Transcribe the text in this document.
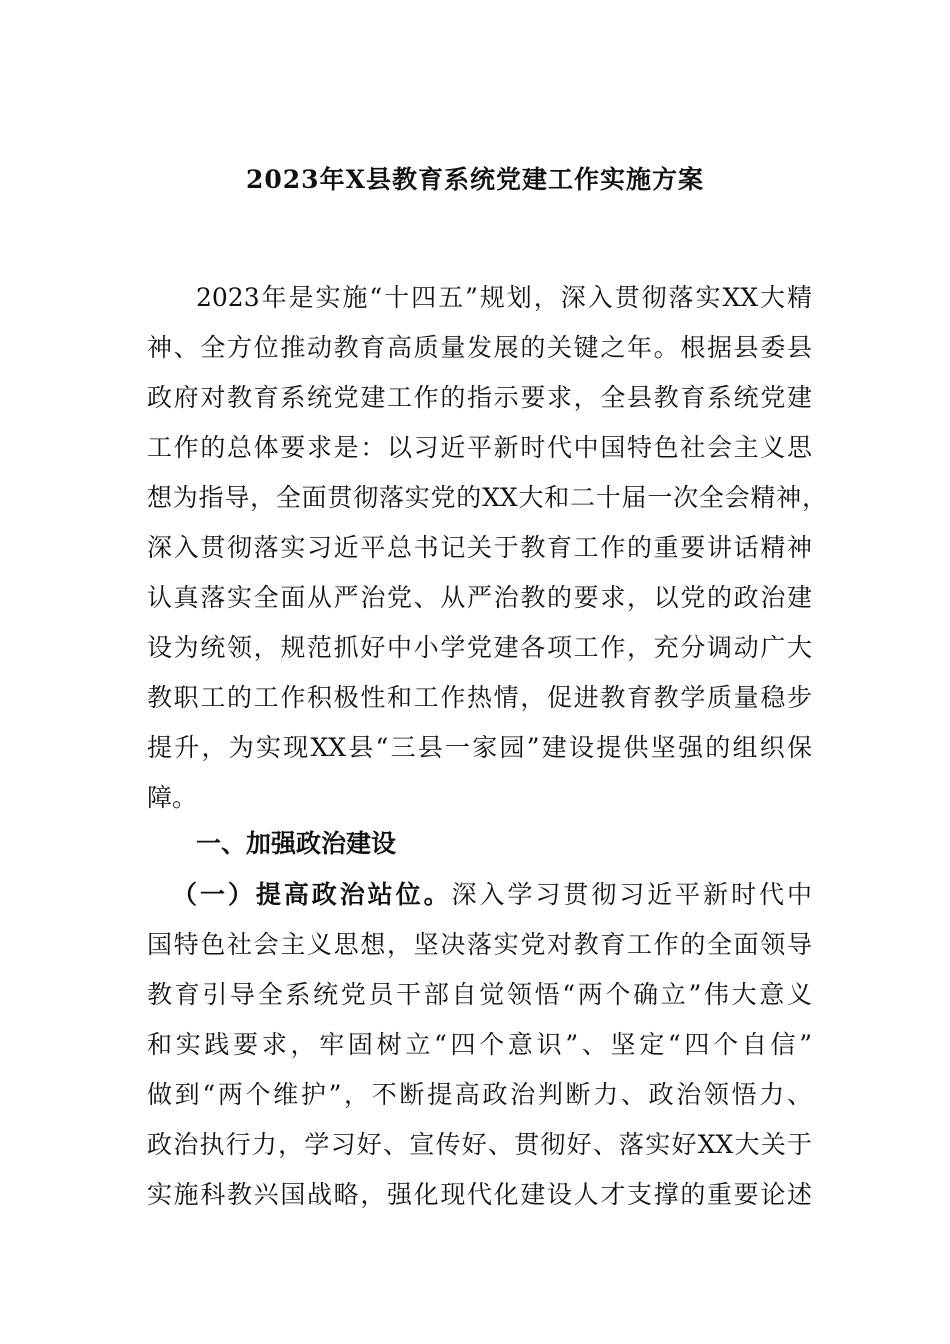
2023年X县教育系统党建工作实施方案
2023年是实施“十四五”规划，深入贯彻落实XX大精
神、全方位推动教育高质量发展的关键之年。根据县委县
政府对教育系统党建工作的指示要求，全县教育系统党建
工作的总体要求是：以习近平新时代中国特色社会主义思
想为指导，全面贯彻落实党的XX大和二十届一次全会精神，
深入贯彻落实习近平总书记关于教育工作的重要讲话精神
认真落实全面从严治党、从严治教的要求，以党的政治建
设为统领，规范抓好中小学党建各项工作，充分调动广大
教职工的工作积极性和工作热情，促进教育教学质量稳步
提升，为实现XX县“三县一家园”建设提供坚强的组织保
障。
一、加强政治建设
（一）提高政治站位。深入学习贯彻习近平新时代中
国特色社会主义思想，坚决落实党对教育工作的全面领导
教育引导全系统党员干部自觉领悟“两个确立”伟大意义
和实践要求，牢固树立“四个意识”、坚定“四个自信”
做到“两个维护”，不断提高政治判断力、政治领悟力、
政治执行力，学习好、宣传好、贯彻好、落实好XX大关于
实施科教兴国战略，强化现代化建设人才支撑的重要论述
